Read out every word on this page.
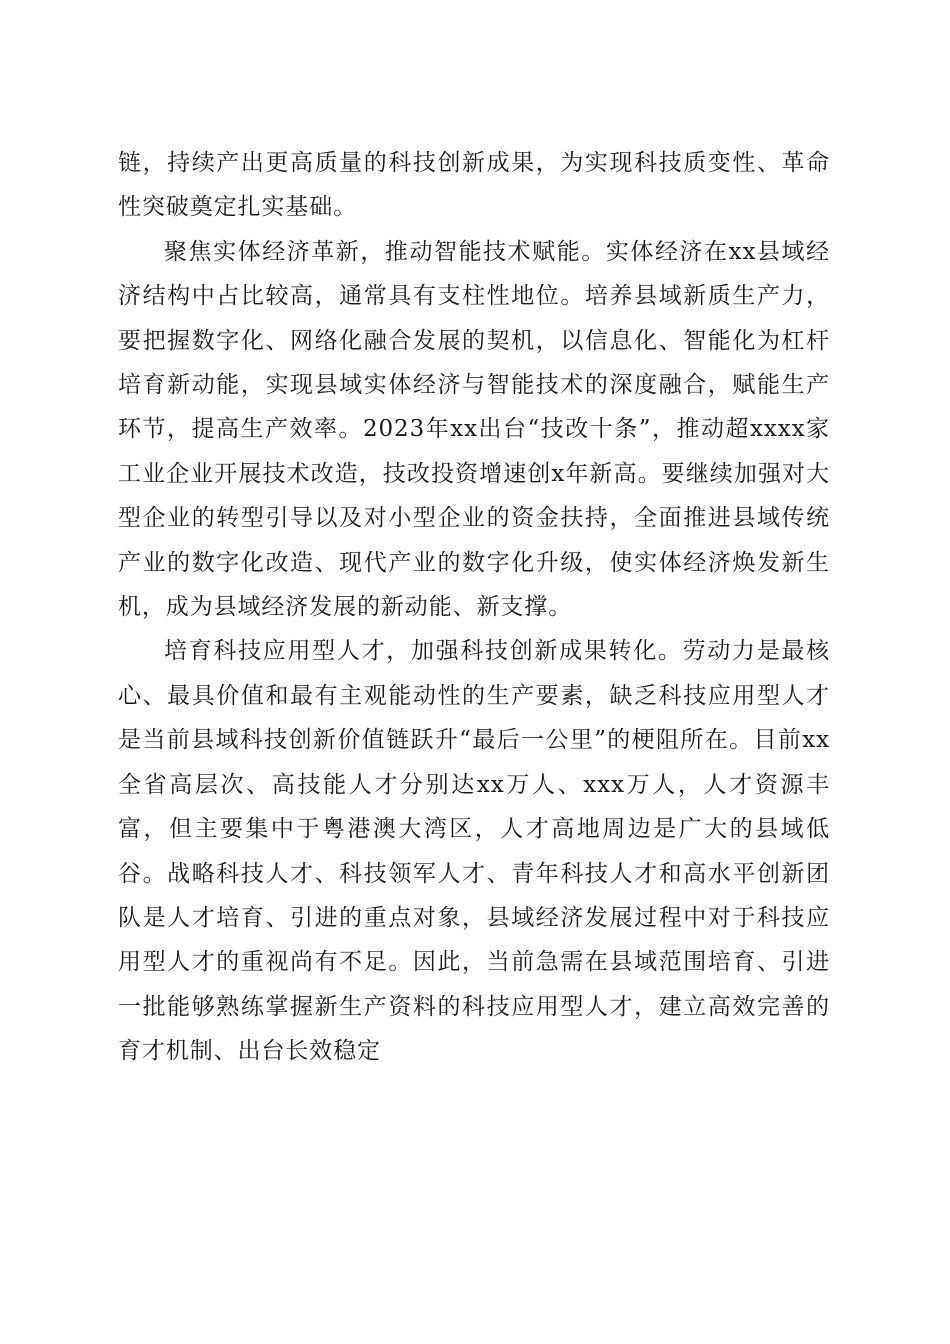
链，持续产出更高质量的科技创新成果，为实现科技质变性、革命性突破奠定扎实基础。

聚焦实体经济革新，推动智能技术赋能。实体经济在xx县域经济结构中占比较高，通常具有支柱性地位。培养县域新质生产力，要把握数字化、网络化融合发展的契机，以信息化、智能化为杠杆培育新动能，实现县域实体经济与智能技术的深度融合，赋能生产环节，提高生产效率。2023年xx出台“技改十条”，推动超xxxx家工业企业开展技术改造，技改投资增速创x年新高。要继续加强对大型企业的转型引导以及对小型企业的资金扶持，全面推进县域传统产业的数字化改造、现代产业的数字化升级，使实体经济焕发新生机，成为县域经济发展的新动能、新支撑。

培育科技应用型人才，加强科技创新成果转化。劳动力是最核心、最具价值和最有主观能动性的生产要素，缺乏科技应用型人才是当前县域科技创新价值链跃升“最后一公里”的梗阻所在。目前xx全省高层次、高技能人才分别达xx万人、xxx万人，人才资源丰富，但主要集中于粤港澳大湾区，人才高地周边是广大的县域低谷。战略科技人才、科技领军人才、青年科技人才和高水平创新团队是人才培育、引进的重点对象，县域经济发展过程中对于科技应用型人才的重视尚有不足。因此，当前急需在县域范围培育、引进一批能够熟练掌握新生产资料的科技应用型人才，建立高效完善的育才机制、出台长效稳定
